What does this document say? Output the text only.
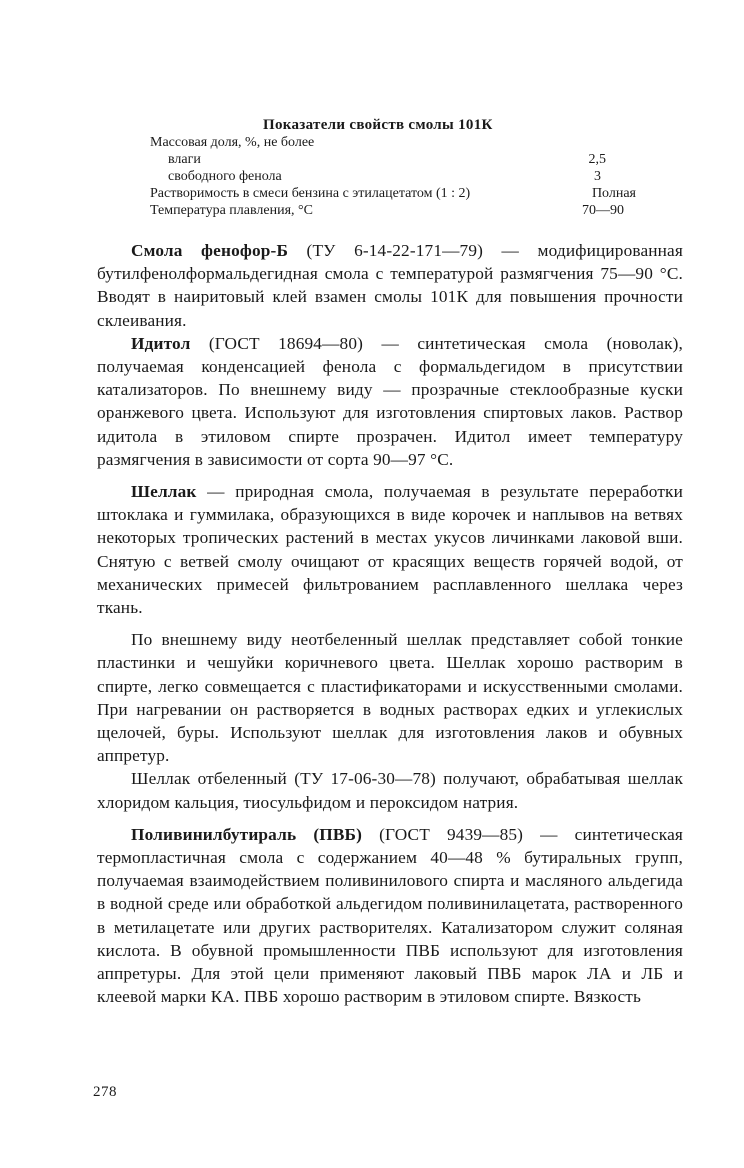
Показатели свойств смолы 101К
Массовая доля, %, не более
влаги	2,5
свободного фенола	3
Растворимость в смеси бензина с этилацетатом (1 : 2)	Полная
Температура плавления, °С	70—90

Смола фенофор-Б (ТУ 6-14-22-171—79) — модифицированная бутилфенолформальдегидная смола с температурой размягчения 75—90 °С. Вводят в наиритовый клей взамен смолы 101К для повышения прочности склеивания.

Идитол (ГОСТ 18694—80) — синтетическая смола (новолак), получаемая конденсацией фенола с формальдегидом в присутствии катализаторов. По внешнему виду — прозрачные стеклообразные куски оранжевого цвета. Используют для изготовления спиртовых лаков. Раствор идитола в этиловом спирте прозрачен. Идитол имеет температуру размягчения в зависимости от сорта 90—97 °С.

Шеллак — природная смола, получаемая в результате переработки штоклака и гуммилака, образующихся в виде корочек и наплывов на ветвях некоторых тропических растений в местах укусов личинками лаковой вши. Снятую с ветвей смолу очищают от красящих веществ горячей водой, от механических примесей фильтрованием расплавленного шеллака через ткань.

По внешнему виду неотбеленный шеллак представляет собой тонкие пластинки и чешуйки коричневого цвета. Шеллак хорошо растворим в спирте, легко совмещается с пластификаторами и искусственными смолами. При нагревании он растворяется в водных растворах едких и углекислых щелочей, буры. Используют шеллак для изготовления лаков и обувных аппретур.

Шеллак отбеленный (ТУ 17-06-30—78) получают, обрабатывая шеллак хлоридом кальция, тиосульфидом и пероксидом натрия.

Поливинилбутираль (ПВБ) (ГОСТ 9439—85) — синтетическая термопластичная смола с содержанием 40—48 % бутиральных групп, получаемая взаимодействием поливинилового спирта и масляного альдегида в водной среде или обработкой альдегидом поливинилацетата, растворенного в метилацетате или других растворителях. Катализатором служит соляная кислота. В обувной промышленности ПВБ используют для изготовления аппретуры. Для этой цели применяют лаковый ПВБ марок ЛА и ЛБ и клеевой марки КА. ПВБ хорошо растворим в этиловом спирте. Вязкость

278
